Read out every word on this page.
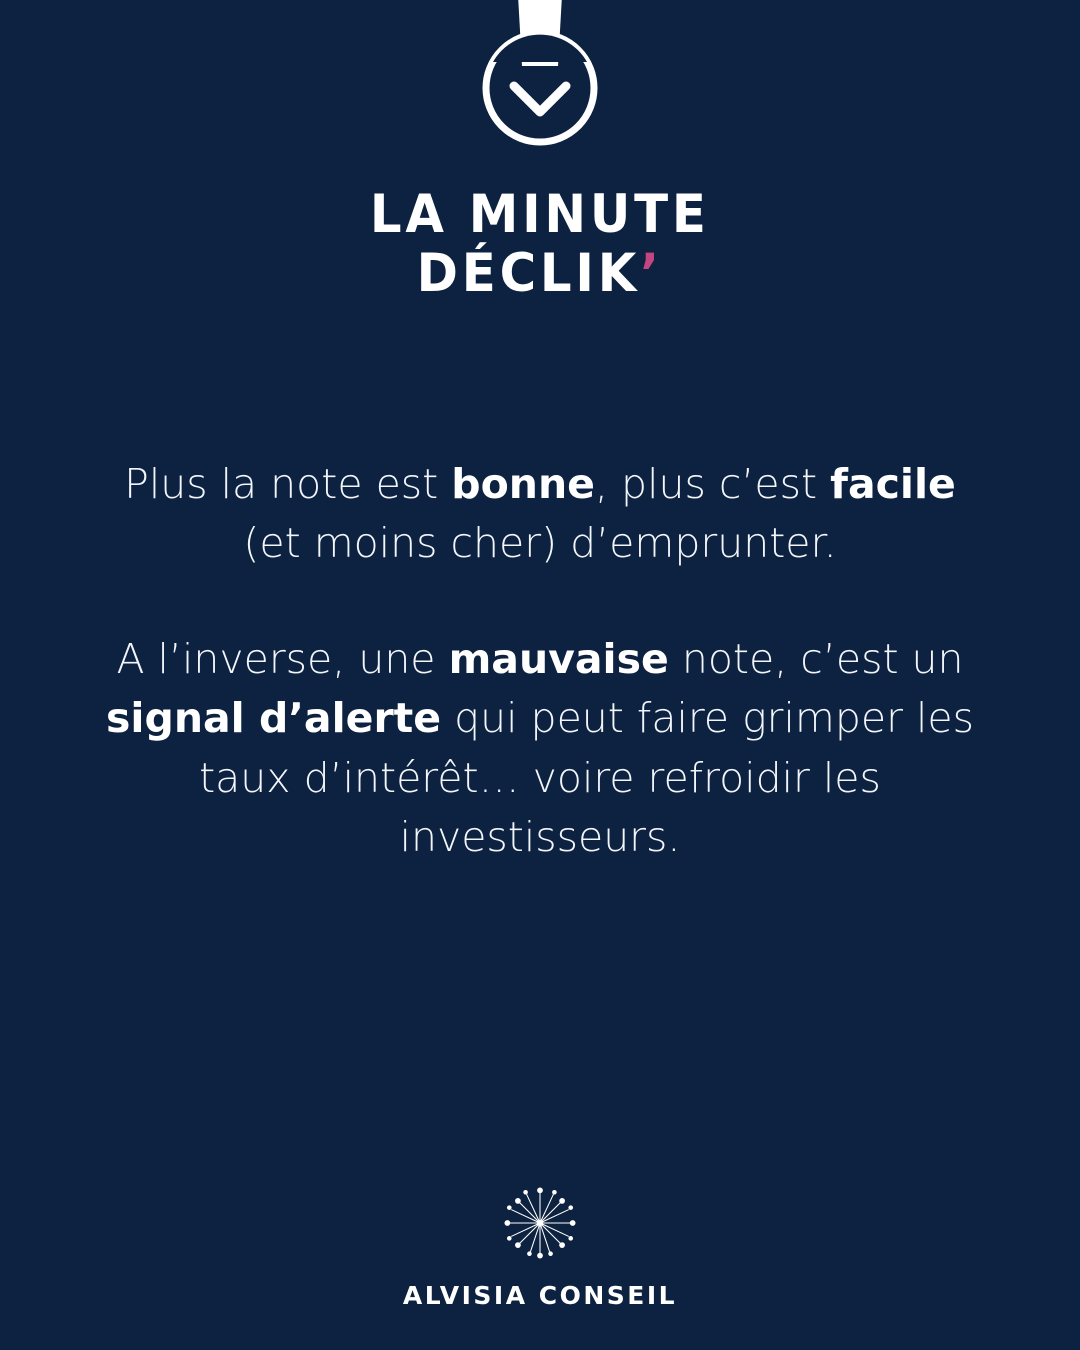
LA MINUTE
DÉCLIK’

Plus la note est bonne, plus c’est facile (et moins cher) d’emprunter.

A l’inverse, une mauvaise note, c’est un signal d’alerte qui peut faire grimper les taux d’intérêt… voire refroidir les investisseurs.

ALVISIA CONSEIL
